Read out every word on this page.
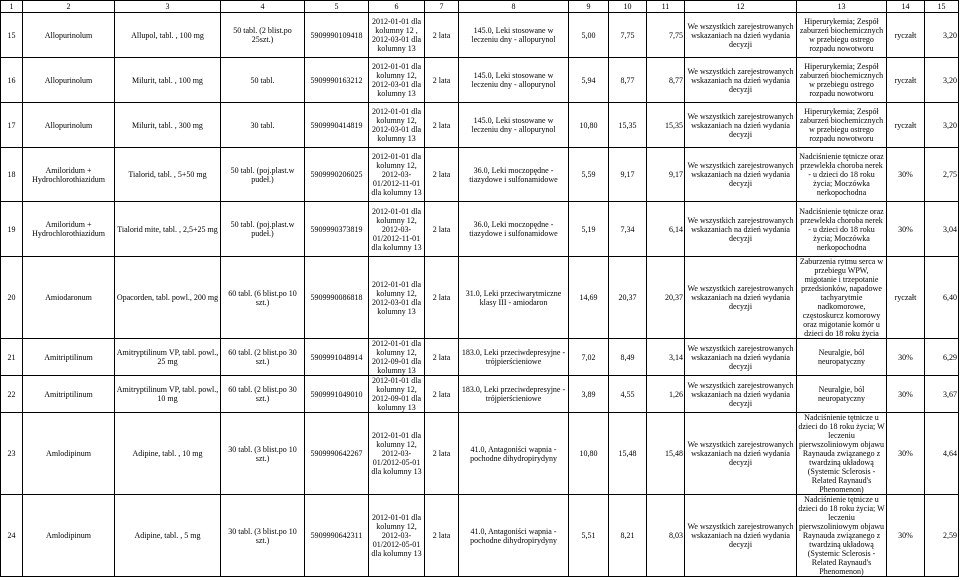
1	2	3	4	5	6	7	8	9	10	11	12	13	14	15
15	Allopurinolum	Allupol, tabl. , 100 mg	50 tabl. (2 blist.po 25szt.)	5909990109418	2012-01-01 dla kolumny 12 , 2012-03-01 dla kolumny 13	2 lata	145.0, Leki stosowane w leczeniu dny - allopurynol	5,00	7,75	7,75	We wszystkich zarejestrowanych wskazaniach na dzień wydania decyzji	Hiperurykemia; Zespół zaburzeń biochemicznych w przebiegu ostrego rozpadu nowotworu	ryczałt	3,20
16	Allopurinolum	Milurit, tabl. , 100 mg	50 tabl.	5909990163212	2012-01-01 dla kolumny 12, 2012-03-01 dla kolumny 13	2 lata	145.0, Leki stosowane w leczeniu dny - allopurynol	5,94	8,77	8,77	We wszystkich zarejestrowanych wskazaniach na dzień wydania decyzji	Hiperurykemia; Zespół zaburzeń biochemicznych w przebiegu ostrego rozpadu nowotworu	ryczałt	3,20
17	Allopurinolum	Milurit, tabl. , 300 mg	30 tabl.	5909990414819	2012-01-01 dla kolumny 12, 2012-03-01 dla kolumny 13	2 lata	145.0, Leki stosowane w leczeniu dny - allopurynol	10,80	15,35	15,35	We wszystkich zarejestrowanych wskazaniach na dzień wydania decyzji	Hiperurykemia; Zespół zaburzeń biochemicznych w przebiegu ostrego rozpadu nowotworu	ryczałt	3,20
18	Amiloridum + Hydrochlorothiazidum	Tialorid, tabl. , 5+50 mg	50 tabl. (poj.plast.w pudeł.)	5909990206025	2012-01-01 dla kolumny 12, 2012-03-01/2012-11-01 dla kolumny 13	2 lata	36.0, Leki moczopędne - tiazydowe i sulfonamidowe	5,59	9,17	9,17	We wszystkich zarejestrowanych wskazaniach na dzień wydania decyzji	Nadciśnienie tętnicze oraz przewlekła choroba nerek - u dzieci do 18 roku życia; Moczówka nerkopochodna	30%	2,75
19	Amiloridum + Hydrochlorothiazidum	Tialorid mite, tabl. , 2,5+25 mg	50 tabl. (poj.plast.w pudeł.)	5909990373819	2012-01-01 dla kolumny 12, 2012-03-01/2012-11-01 dla kolumny 13	2 lata	36.0, Leki moczopędne - tiazydowe i sulfonamidowe	5,19	7,34	6,14	We wszystkich zarejestrowanych wskazaniach na dzień wydania decyzji	Nadciśnienie tętnicze oraz przewlekła choroba nerek - u dzieci do 18 roku życia; Moczówka nerkopochodna	30%	3,04
20	Amiodaronum	Opacorden, tabl. powl., 200 mg	60 tabl. (6 blist.po 10 szt.)	5909990086818	2012-01-01 dla kolumny 12, 2012-03-01 dla kolumny 13	2 lata	31.0, Leki przeciwarytmiczne klasy III - amiodaron	14,69	20,37	20,37	We wszystkich zarejestrowanych wskazaniach na dzień wydania decyzji	Zaburzenia rytmu serca w przebiegu WPW, migotanie i trzepotanie przedsionków, napadowe tachyarytmie nadkomorowe, częstoskurcz komorowy oraz migotanie komór u dzieci do 18 roku życia	ryczałt	6,40
21	Amitriptilinum	Amitryptilinum VP, tabl. powl., 25 mg	60 tabl. (2 blist.po 30 szt.)	5909991048914	2012-01-01 dla kolumny 12, 2012-09-01 dla kolumny 13	2 lata	183.0, Leki przeciwdepresyjne - trójpierścieniowe	7,02	8,49	3,14	We wszystkich zarejestrowanych wskazaniach na dzień wydania decyzji	Neuralgie, ból neuropatyczny	30%	6,29
22	Amitriptilinum	Amitryptilinum VP, tabl. powl., 10 mg	60 tabl. (2 blist.po 30 szt.)	5909991049010	2012-01-01 dla kolumny 12, 2012-09-01 dla kolumny 13	2 lata	183.0, Leki przeciwdepresyjne - trójpierścieniowe	3,89	4,55	1,26	We wszystkich zarejestrowanych wskazaniach na dzień wydania decyzji	Neuralgie, ból neuropatyczny	30%	3,67
23	Amlodipinum	Adipine, tabl. , 10 mg	30 tabl. (3 blist.po 10 szt.)	5909990642267	2012-01-01 dla kolumny 12, 2012-03-01/2012-05-01 dla kolumny 13	2 lata	41.0, Antagoniści wapnia - pochodne dihydropirydyny	10,80	15,48	15,48	We wszystkich zarejestrowanych wskazaniach na dzień wydania decyzji	Nadciśnienie tętnicze u dzieci do 18 roku życia; W leczeniu pierwszoliniowym objawu Raynauda związanego z twardziną układową (Systemic Sclerosis - Related Raynaud's Phenomenon)	30%	4,64
24	Amlodipinum	Adipine, tabl. , 5 mg	30 tabl. (3 blist.po 10 szt.)	5909990642311	2012-01-01 dla kolumny 12, 2012-03-01/2012-05-01 dla kolumny 13	2 lata	41.0, Antagoniści wapnia - pochodne dihydropirydyny	5,51	8,21	8,03	We wszystkich zarejestrowanych wskazaniach na dzień wydania decyzji	Nadciśnienie tętnicze u dzieci do 18 roku życia; W leczeniu pierwszoliniowym objawu Raynauda związanego z twardziną układową (Systemic Sclerosis - Related Raynaud's Phenomenon)	30%	2,59
